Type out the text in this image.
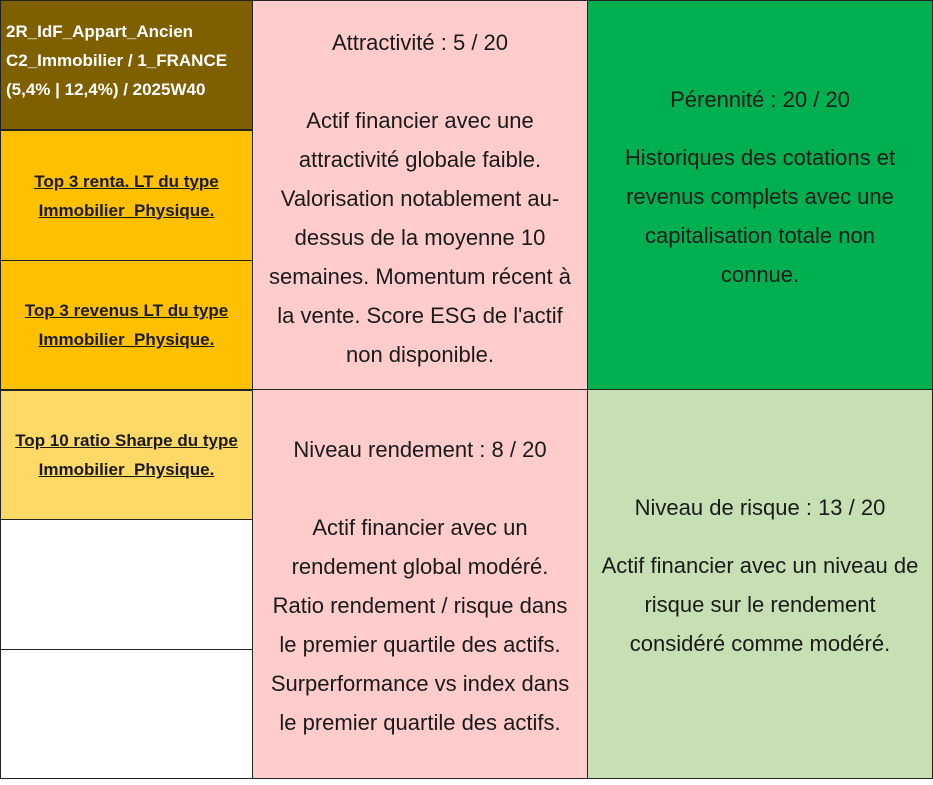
2R_IdF_Appart_Ancien
C2_Immobilier / 1_FRANCE
(5,4% | 12,4%) / 2025W40
Top 3 renta. LT du type
Immobilier_Physique.
Top 3 revenus LT du type
Immobilier_Physique.
Top 10 ratio Sharpe du type
Immobilier_Physique.
Attractivité : 5 / 20
Actif financier avec une
attractivité globale faible.
Valorisation notablement au-
dessus de la moyenne 10
semaines. Momentum récent à
la vente. Score ESG de l'actif
non disponible.
Pérennité : 20 / 20
Historiques des cotations et
revenus complets avec une
capitalisation totale non
connue.
Niveau rendement : 8 / 20
Actif financier avec un
rendement global modéré.
Ratio rendement / risque dans
le premier quartile des actifs.
Surperformance vs index dans
le premier quartile des actifs.
Niveau de risque : 13 / 20
Actif financier avec un niveau de
risque sur le rendement
considéré comme modéré.
